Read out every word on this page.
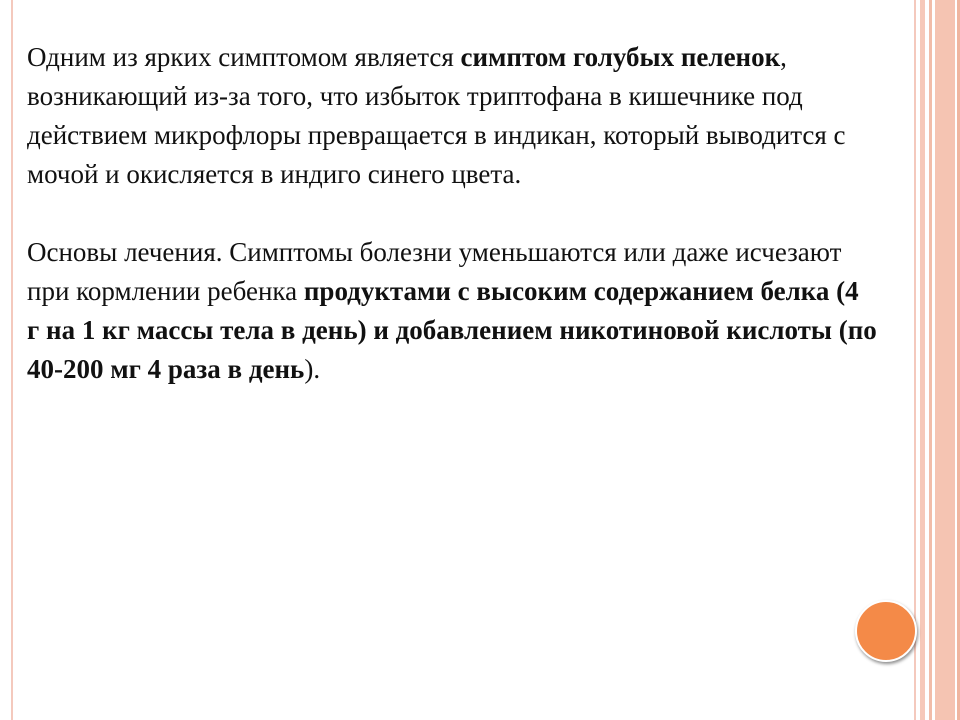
Одним из ярких симптомом является симптом голубых пеленок, возникающий из-за того, что избыток триптофана в кишечнике под действием микрофлоры превращается в индикан, который выводится с мочой и окисляется в индиго синего цвета.

Основы лечения. Симптомы болезни уменьшаются или даже исчезают при кормлении ребенка продуктами с высоким содержанием белка (4 г на 1 кг массы тела в день) и добавлением никотиновой кислоты (по 40-200 мг 4 раза в день).
